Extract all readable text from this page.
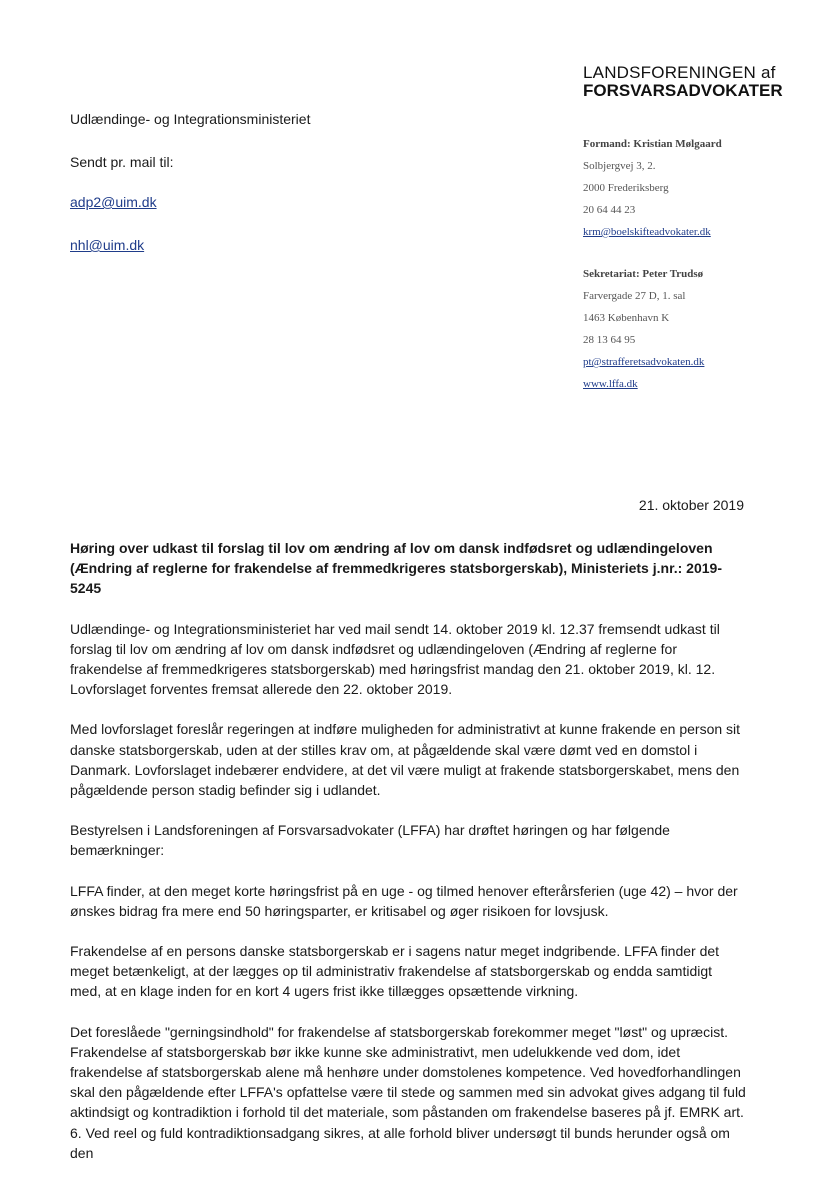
LANDSFORENINGEN af
FORSVARSADVOKATER
Udlændinge- og Integrationsministeriet
Sendt pr. mail til:
adp2@uim.dk
nhl@uim.dk
Formand: Kristian Mølgaard
Solbjergvej 3, 2.
2000 Frederiksberg
20 64 44 23
krm@boelskifteadvokater.dk
Sekretariat: Peter Trudsø
Farvergade 27 D, 1. sal
1463 København K
28 13 64 95
pt@strafferetsadvokaten.dk
www.lffa.dk
21. oktober 2019

Høring over udkast til forslag til lov om ændring af lov om dansk indfødsret og udlændingeloven (Ændring af reglerne for frakendelse af fremmedkrigeres statsborgerskab), Ministeriets j.nr.: 2019-5245

Udlændinge- og Integrationsministeriet har ved mail sendt 14. oktober 2019 kl. 12.37 fremsendt udkast til forslag til lov om ændring af lov om dansk indfødsret og udlændingeloven (Ændring af reglerne for frakendelse af fremmedkrigeres statsborgerskab) med høringsfrist mandag den 21. oktober 2019, kl. 12. Lovforslaget forventes fremsat allerede den 22. oktober 2019.

Med lovforslaget foreslår regeringen at indføre muligheden for administrativt at kunne frakende en person sit danske statsborgerskab, uden at der stilles krav om, at pågældende skal være dømt ved en domstol i Danmark. Lovforslaget indebærer endvidere, at det vil være muligt at frakende statsborgerskabet, mens den pågældende person stadig befinder sig i udlandet.

Bestyrelsen i Landsforeningen af Forsvarsadvokater (LFFA) har drøftet høringen og har følgende bemærkninger:

LFFA finder, at den meget korte høringsfrist på en uge - og tilmed henover efterårsferien (uge 42) – hvor der ønskes bidrag fra mere end 50 høringsparter, er kritisabel og øger risikoen for lovsjusk.

Frakendelse af en persons danske statsborgerskab er i sagens natur meget indgribende. LFFA finder det meget betænkeligt, at der lægges op til administrativ frakendelse af statsborgerskab og endda samtidigt med, at en klage inden for en kort 4 ugers frist ikke tillægges opsættende virkning.

Det foreslåede "gerningsindhold" for frakendelse af statsborgerskab forekommer meget "løst" og upræcist. Frakendelse af statsborgerskab bør ikke kunne ske administrativt, men udelukkende ved dom, idet frakendelse af statsborgerskab alene må henhøre under domstolenes kompetence. Ved hovedforhandlingen skal den pågældende efter LFFA's opfattelse være til stede og sammen med sin advokat gives adgang til fuld aktindsigt og kontradiktion i forhold til det materiale, som påstanden om frakendelse baseres på jf. EMRK art. 6. Ved reel og fuld kontradiktionsadgang sikres, at alle forhold bliver undersøgt til bunds herunder også om den
